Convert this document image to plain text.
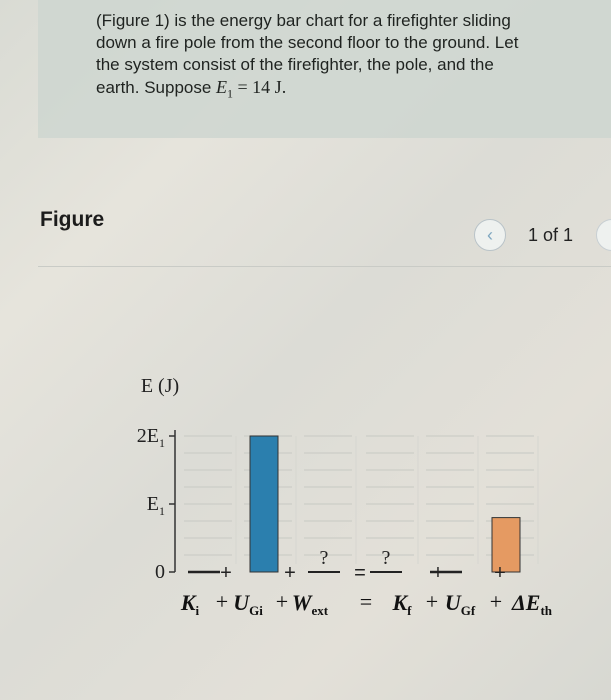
(Figure 1) is the energy bar chart for a firefighter sliding
down a fire pole from the second floor to the ground. Let
the system consist of the firefighter, the pole, and the
earth. Suppose $E_1 = 14$ J.
Figure
‹ 1 of 1
E (J)
0
$E_1$
$2E_1$
?	?
+	+	=	+	+
$K_i$ $U_{Gi}$ $W_{ext}$	$K_f$ $U_{Gf}$ $\Delta E_{th}$
+ +	= + +
